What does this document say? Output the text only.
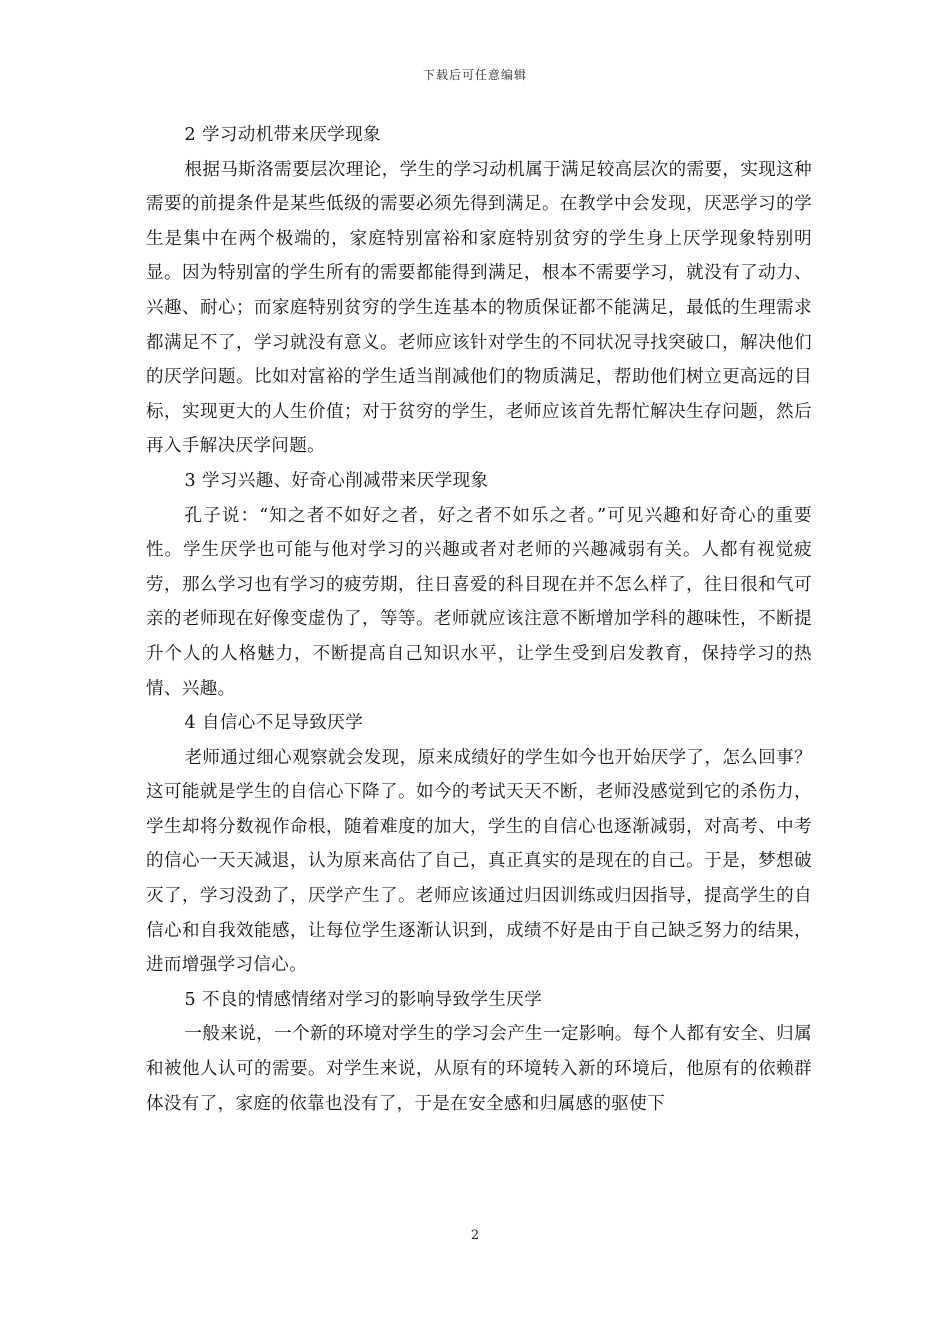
下载后可任意编辑

2 学习动机带来厌学现象

根据马斯洛需要层次理论，学生的学习动机属于满足较高层次的需要，实现这种需要的前提条件是某些低级的需要必须先得到满足。在教学中会发现，厌恶学习的学生是集中在两个极端的，家庭特别富裕和家庭特别贫穷的学生身上厌学现象特别明显。因为特别富的学生所有的需要都能得到满足，根本不需要学习，就没有了动力、兴趣、耐心；而家庭特别贫穷的学生连基本的物质保证都不能满足，最低的生理需求都满足不了，学习就没有意义。老师应该针对学生的不同状况寻找突破口，解决他们的厌学问题。比如对富裕的学生适当削减他们的物质满足，帮助他们树立更高远的目标，实现更大的人生价值；对于贫穷的学生，老师应该首先帮忙解决生存问题，然后再入手解决厌学问题。

3 学习兴趣、好奇心削减带来厌学现象

孔子说：“知之者不如好之者，好之者不如乐之者。”可见兴趣和好奇心的重要性。学生厌学也可能与他对学习的兴趣或者对老师的兴趣减弱有关。人都有视觉疲劳，那么学习也有学习的疲劳期，往日喜爱的科目现在并不怎么样了，往日很和气可亲的老师现在好像变虚伪了，等等。老师就应该注意不断增加学科的趣味性，不断提升个人的人格魅力，不断提高自己知识水平，让学生受到启发教育，保持学习的热情、兴趣。

4 自信心不足导致厌学

老师通过细心观察就会发现，原来成绩好的学生如今也开始厌学了，怎么回事？这可能就是学生的自信心下降了。如今的考试天天不断，老师没感觉到它的杀伤力，学生却将分数视作命根，随着难度的加大，学生的自信心也逐渐减弱，对高考、中考的信心一天天减退，认为原来高估了自己，真正真实的是现在的自己。于是，梦想破灭了，学习没劲了，厌学产生了。老师应该通过归因训练或归因指导，提高学生的自信心和自我效能感，让每位学生逐渐认识到，成绩不好是由于自己缺乏努力的结果，进而增强学习信心。

5 不良的情感情绪对学习的影响导致学生厌学

一般来说，一个新的环境对学生的学习会产生一定影响。每个人都有安全、归属和被他人认可的需要。对学生来说，从原有的环境转入新的环境后，他原有的依赖群体没有了，家庭的依靠也没有了，于是在安全感和归属感的驱使下

2
